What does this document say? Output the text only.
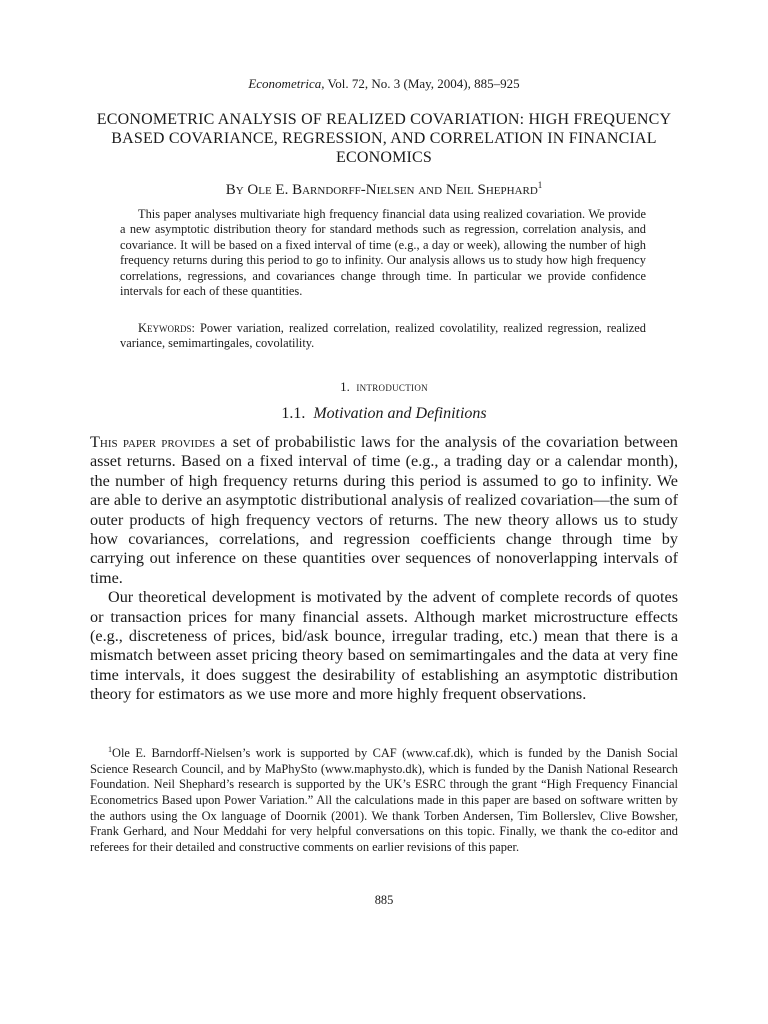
Econometrica, Vol. 72, No. 3 (May, 2004), 885–925
ECONOMETRIC ANALYSIS OF REALIZED COVARIATION: HIGH FREQUENCY BASED COVARIANCE, REGRESSION, AND CORRELATION IN FINANCIAL ECONOMICS
By Ole E. Barndorff-Nielsen and Neil Shephard$^1$
This paper analyses multivariate high frequency financial data using realized covariation. We provide a new asymptotic distribution theory for standard methods such as regression, correlation analysis, and covariance. It will be based on a fixed interval of time (e.g., a day or week), allowing the number of high frequency returns during this period to go to infinity. Our analysis allows us to study how high frequency correlations, regressions, and covariances change through time. In particular we provide confidence intervals for each of these quantities.
Keywords: Power variation, realized correlation, realized covolatility, realized regression, realized variance, semimartingales, covolatility.
1. introduction
1.1. Motivation and Definitions

This paper provides a set of probabilistic laws for the analysis of the covariation between asset returns. Based on a fixed interval of time (e.g., a trading day or a calendar month), the number of high frequency returns during this period is assumed to go to infinity. We are able to derive an asymptotic distributional analysis of realized covariation—the sum of outer products of high frequency vectors of returns. The new theory allows us to study how covariances, correlations, and regression coefficients change through time by carrying out inference on these quantities over sequences of nonoverlapping intervals of time.

Our theoretical development is motivated by the advent of complete records of quotes or transaction prices for many financial assets. Although market microstructure effects (e.g., discreteness of prices, bid/ask bounce, irregular trading, etc.) mean that there is a mismatch between asset pricing theory based on semimartingales and the data at very fine time intervals, it does suggest the desirability of establishing an asymptotic distribution theory for estimators as we use more and more highly frequent observations.

$^1$Ole E. Barndorff-Nielsen’s work is supported by CAF (www.caf.dk), which is funded by the Danish Social Science Research Council, and by MaPhySto (www.maphysto.dk), which is funded by the Danish National Research Foundation. Neil Shephard’s research is supported by the UK’s ESRC through the grant “High Frequency Financial Econometrics Based upon Power Variation.” All the calculations made in this paper are based on software written by the authors using the Ox language of Doornik (2001). We thank Torben Andersen, Tim Bollerslev, Clive Bowsher, Frank Gerhard, and Nour Meddahi for very helpful conversations on this topic. Finally, we thank the co-editor and referees for their detailed and constructive comments on earlier revisions of this paper.
885
